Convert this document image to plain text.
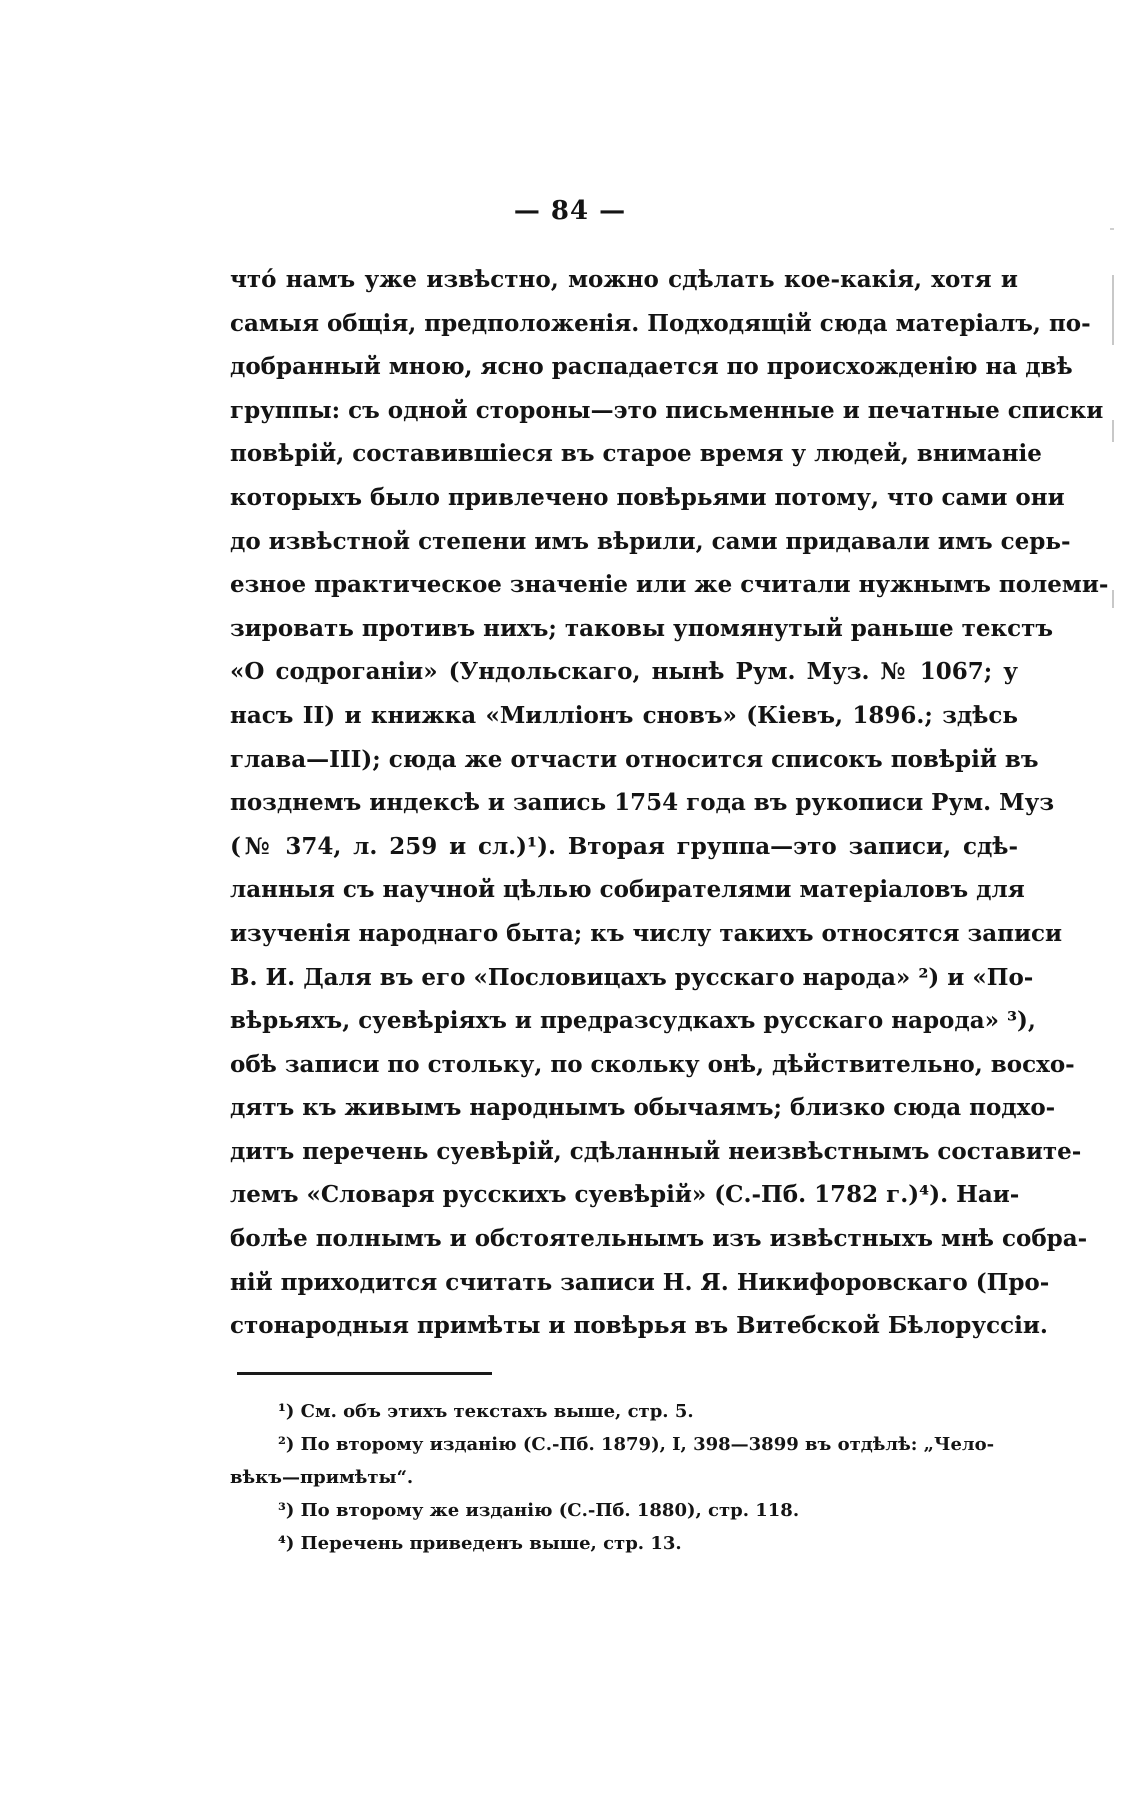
— 84 —
чтó намъ уже извѣстно, можно сдѣлать кое-какія, хотя и
самыя общія, предположенія. Подходящій сюда матеріалъ, по-
добранный мною, ясно распадается по происхожденію на двѣ
группы: съ одной стороны—это письменные и печатные списки
повѣрій, составившіеся въ старое время у людей, вниманіе
которыхъ было привлечено повѣрьями потому, что сами они
до извѣстной степени имъ вѣрили, сами придавали имъ серь-
езное практическое значеніе или же считали нужнымъ полеми-
зировать противъ нихъ; таковы упомянутый раньше текстъ
«О содроганіи» (Ундольскаго, нынѣ Рум. Муз. № 1067; у
насъ II) и книжка «Милліонъ сновъ» (Кіевъ, 1896.; здѣсь
глава—III); сюда же отчасти относится списокъ повѣрій въ
позднемъ индексѣ и запись 1754 года въ рукописи Рум. Муз
(№ 374, л. 259 и сл.)¹). Вторая группа—это записи, сдѣ-
ланныя съ научной цѣлью собирателями матеріаловъ для
изученія народнаго быта; къ числу такихъ относятся записи
В. И. Даля въ его «Пословицахъ русскаго народа» ²) и «По-
вѣрьяхъ, суевѣріяхъ и предразсудкахъ русскаго народа» ³),
обѣ записи по стольку, по скольку онѣ, дѣйствительно, восхо-
дятъ къ живымъ народнымъ обычаямъ; близко сюда подхо-
дитъ перечень суевѣрій, сдѣланный неизвѣстнымъ составите-
лемъ «Словаря русскихъ суевѣрій» (С.-Пб. 1782 г.)⁴). Наи-
болѣе полнымъ и обстоятельнымъ изъ извѣстныхъ мнѣ собра-
ній приходится считать записи Н. Я. Никифоровскаго (Про-
стонародныя примѣты и повѣрья въ Витебской Бѣлоруссіи.
¹) См. объ этихъ текстахъ выше, стр. 5.
²) По второму изданію (С.-Пб. 1879), I, 398—3899 въ отдѣлѣ: „Чело-
вѣкъ—примѣты“.
³) По второму же изданію (С.-Пб. 1880), стр. 118.
⁴) Перечень приведенъ выше, стр. 13.
